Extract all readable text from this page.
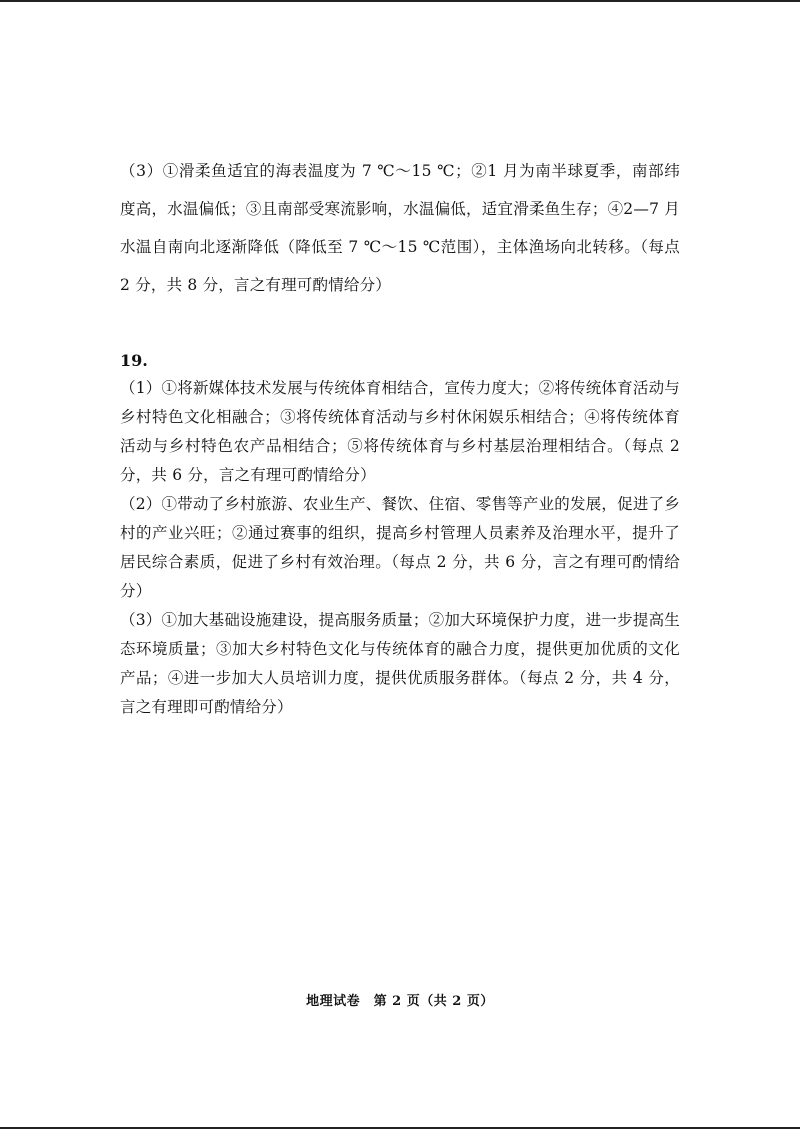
（3）①滑柔鱼适宜的海表温度为 7 ℃～15 ℃；②1 月为南半球夏季，南部纬度高，水温偏低；③且南部受寒流影响，水温偏低，适宜滑柔鱼生存；④2—7 月水温自南向北逐渐降低（降低至 7 ℃～15 ℃范围），主体渔场向北转移。（每点 2 分，共 8 分，言之有理可酌情给分）

19.

（1）①将新媒体技术发展与传统体育相结合，宣传力度大；②将传统体育活动与乡村特色文化相融合；③将传统体育活动与乡村休闲娱乐相结合；④将传统体育活动与乡村特色农产品相结合；⑤将传统体育与乡村基层治理相结合。（每点 2 分，共 6 分，言之有理可酌情给分）

（2）①带动了乡村旅游、农业生产、餐饮、住宿、零售等产业的发展，促进了乡村的产业兴旺；②通过赛事的组织，提高乡村管理人员素养及治理水平，提升了居民综合素质，促进了乡村有效治理。（每点 2 分，共 6 分，言之有理可酌情给分）

（3）①加大基础设施建设，提高服务质量；②加大环境保护力度，进一步提高生态环境质量；③加大乡村特色文化与传统体育的融合力度，提供更加优质的文化产品；④进一步加大人员培训力度，提供优质服务群体。（每点 2 分，共 4 分，言之有理即可酌情给分）

地理试卷　第 2 页（共 2 页）
